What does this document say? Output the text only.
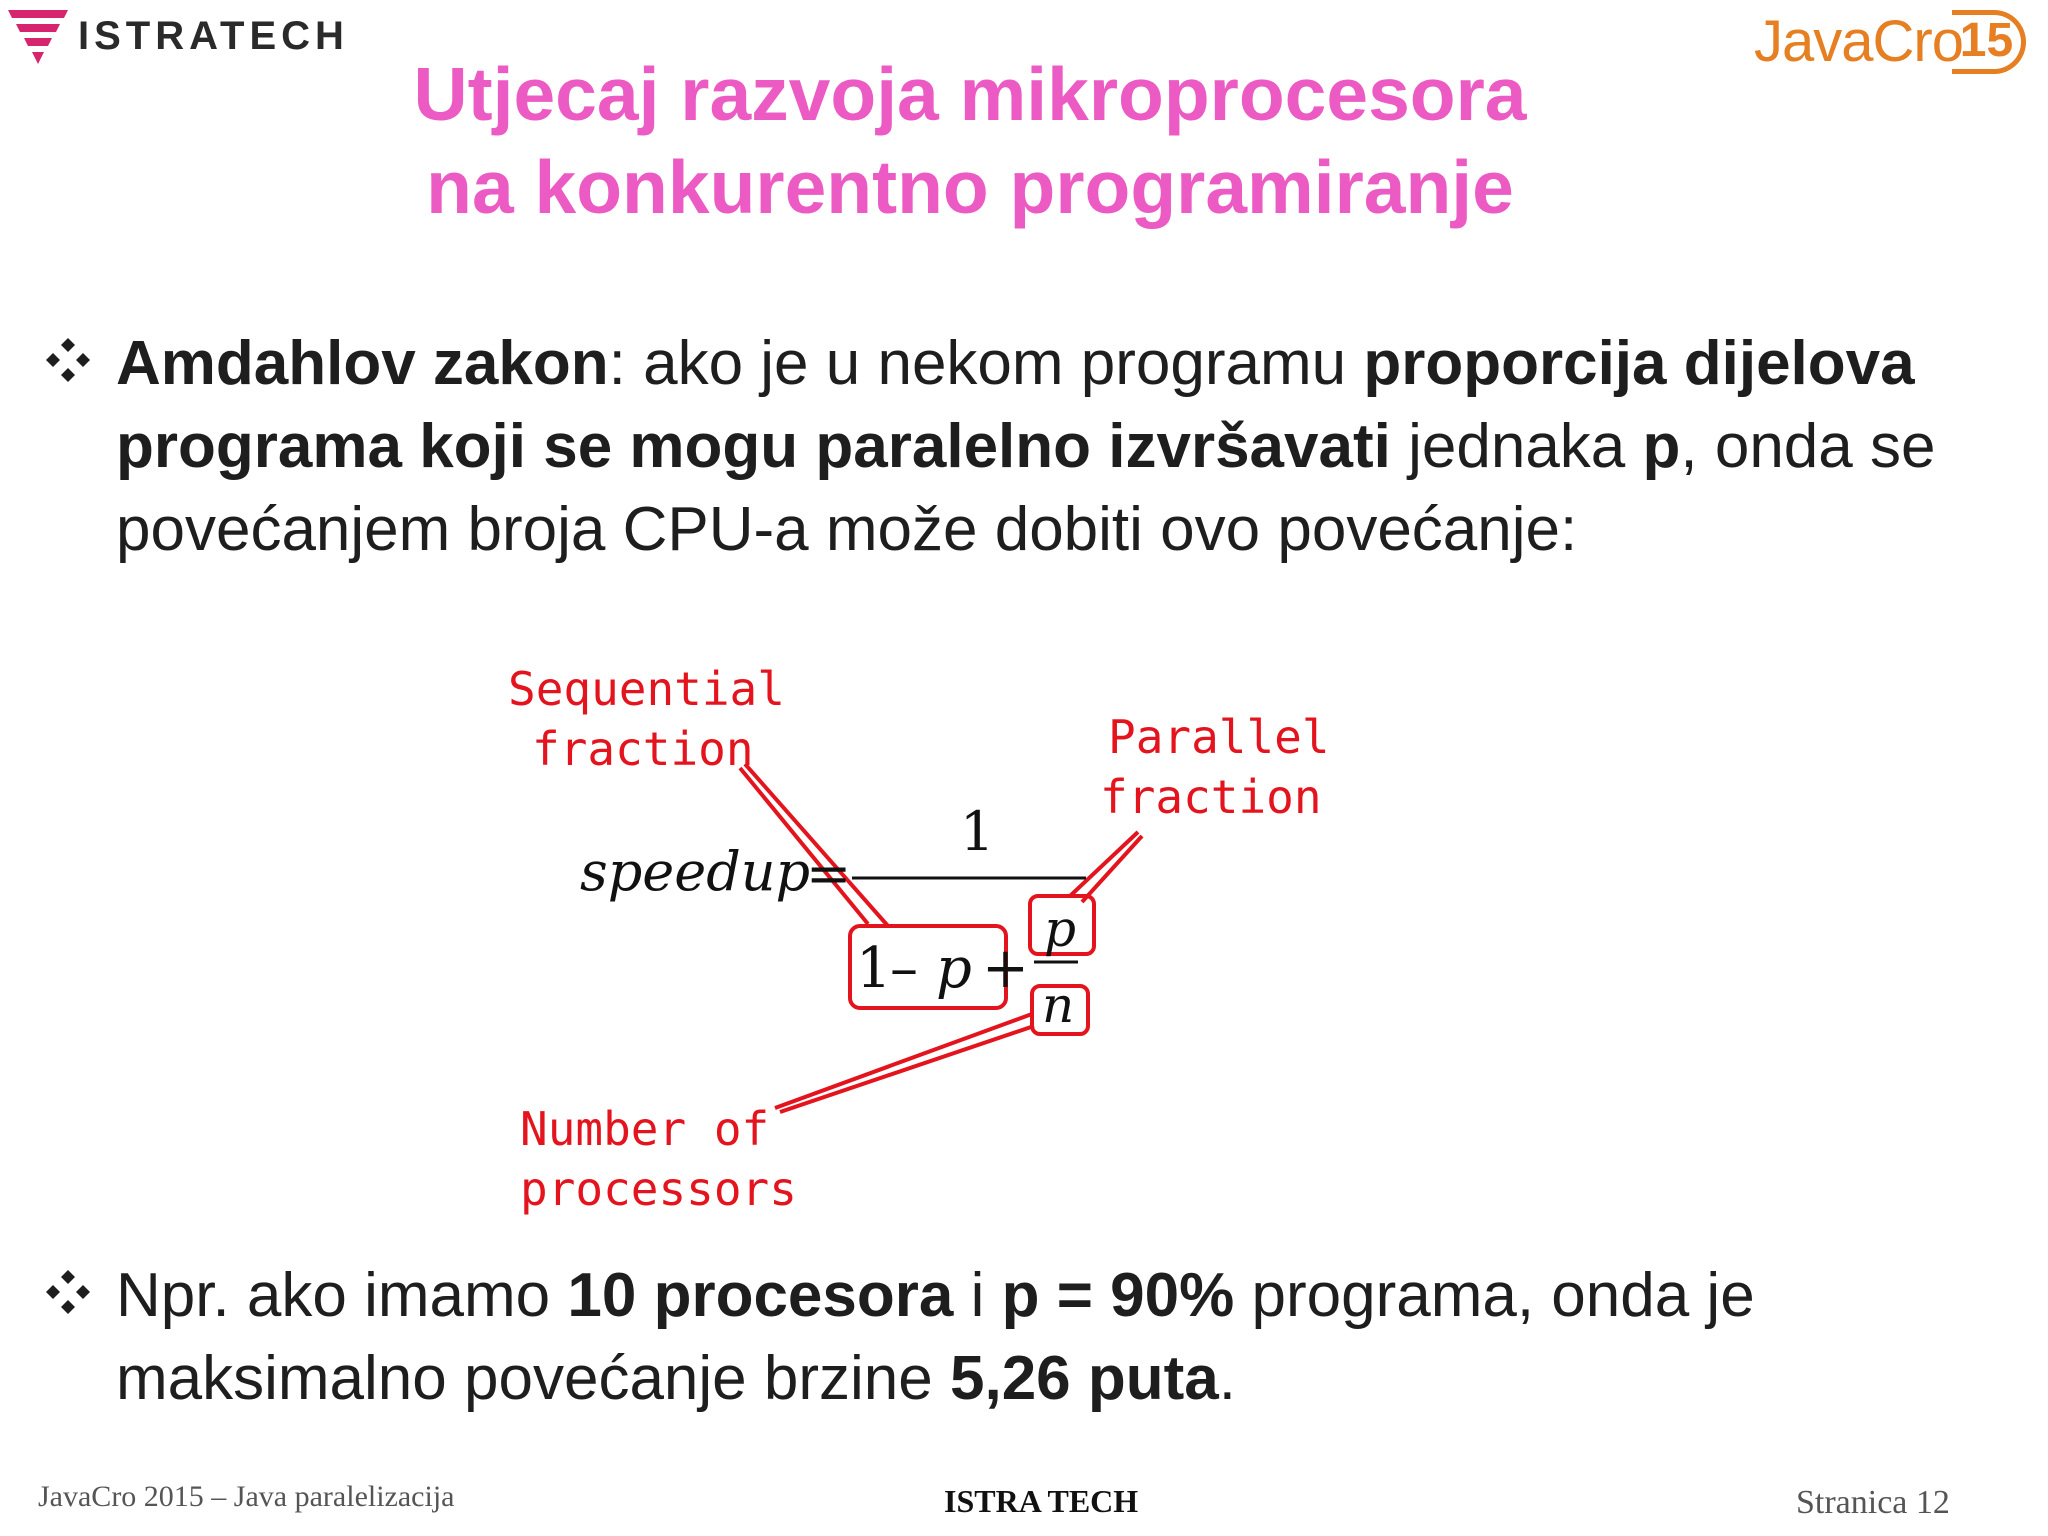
ISTRATECH	JavaCro
15
Utjecaj razvoja mikroprocesora
na konkurentno programiranje
Amdahlov zakon: ako je u nekom programu proporcija dijelova programa koji se mogu paralelno izvršavati jednaka p, onda se povećanjem broja CPU-a može dobiti ovo povećanje:
Sequential
fraction	Parallel
fraction
Number of
processors
speedup
=
1
1
– p +
p
n
Npr. ako imamo 10 procesora i p = 90% programa, onda je maksimalno povećanje brzine 5,26 puta.
JavaCro 2015 – Java paralelizacija	ISTRA TECH	Stranica 12
